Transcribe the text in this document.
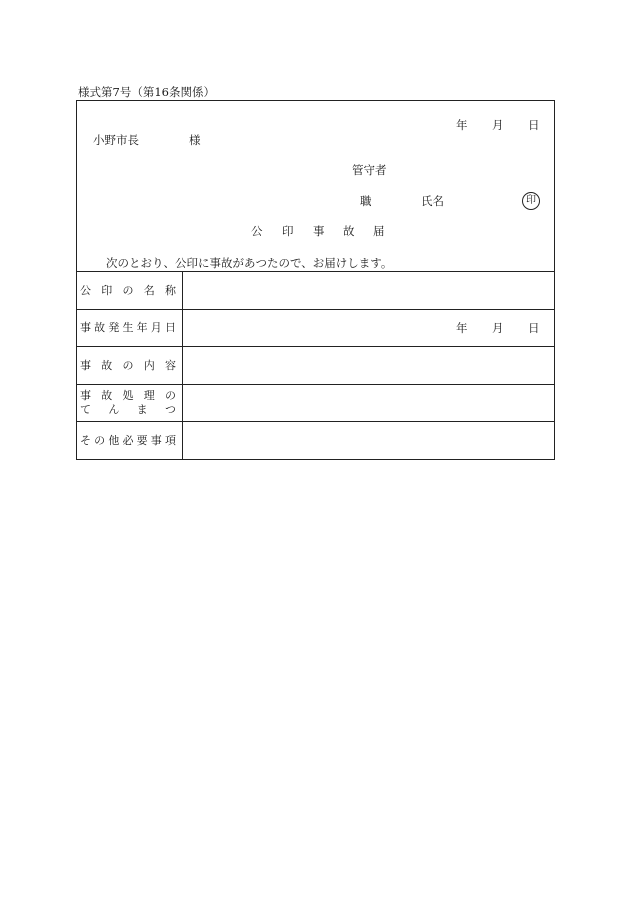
様式第7号（第16条関係）
年 月 日
小野市長	様
管守者
職	氏名	印
公 印 事 故 届
次のとおり、公印に事故があつたので、お届けします。
公 印 の 名 称
事 故 発 生 年 月 日	年 月 日
事 故 の 内 容
事 故 処 理 の
て ん ま つ
そ の 他 必 要 事 項
